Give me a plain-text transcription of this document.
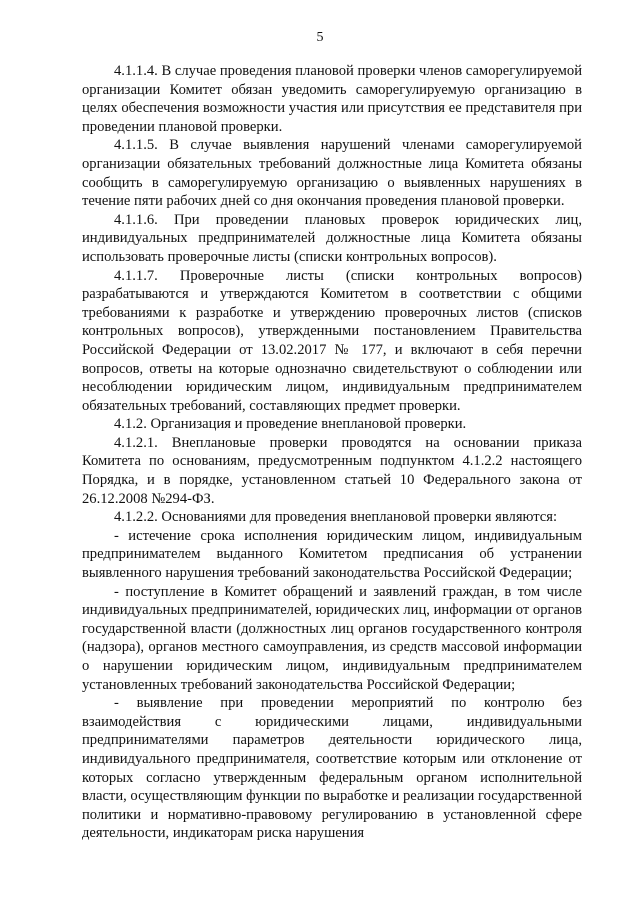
5

4.1.1.4. В случае проведения плановой проверки членов саморегулируемой организации Комитет обязан уведомить саморегулируемую организацию в целях обеспечения возможности участия или присутствия ее представителя при проведении плановой проверки.

4.1.1.5. В случае выявления нарушений членами саморегулируемой организации обязательных требований должностные лица Комитета обязаны сообщить в саморегулируемую организацию о выявленных нарушениях в течение пяти рабочих дней со дня окончания проведения плановой проверки.

4.1.1.6. При проведении плановых проверок юридических лиц, индивидуальных предпринимателей должностные лица Комитета обязаны использовать проверочные листы (списки контрольных вопросов).

4.1.1.7. Проверочные листы (списки контрольных вопросов) разрабатываются и утверждаются Комитетом в соответствии с общими требованиями к разработке и утверждению проверочных листов (списков контрольных вопросов), утвержденными постановлением Правительства Российской Федерации от 13.02.2017 № 177, и включают в себя перечни вопросов, ответы на которые однозначно свидетельствуют о соблюдении или несоблюдении юридическим лицом, индивидуальным предпринимателем обязательных требований, составляющих предмет проверки.

4.1.2. Организация и проведение внеплановой проверки.

4.1.2.1. Внеплановые проверки проводятся на основании приказа Комитета по основаниям, предусмотренным подпунктом 4.1.2.2 настоящего Порядка, и в порядке, установленном статьей 10 Федерального закона от 26.12.2008 №294-ФЗ.

4.1.2.2. Основаниями для проведения внеплановой проверки являются:

- истечение срока исполнения юридическим лицом, индивидуальным предпринимателем выданного Комитетом предписания об устранении выявленного нарушения требований законодательства Российской Федерации;

- поступление в Комитет обращений и заявлений граждан, в том числе индивидуальных предпринимателей, юридических лиц, информации от органов государственной власти (должностных лиц органов государственного контроля (надзора), органов местного самоуправления, из средств массовой информации о нарушении юридическим лицом, индивидуальным предпринимателем установленных требований законодательства Российской Федерации;

- выявление при проведении мероприятий по контролю без взаимодействия с юридическими лицами, индивидуальными предпринимателями параметров деятельности юридического лица, индивидуального предпринимателя, соответствие которым или отклонение от которых согласно утвержденным федеральным органом исполнительной власти, осуществляющим функции по выработке и реализации государственной политики и нормативно-правовому регулированию в установленной сфере деятельности, индикаторам риска нарушения
